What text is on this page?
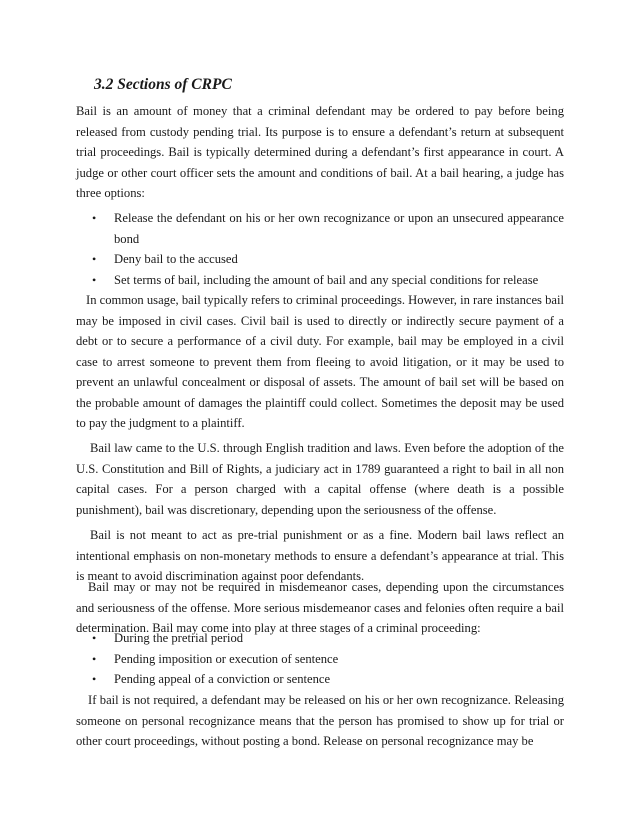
3.2 Sections of CRPC

Bail is an amount of money that a criminal defendant may be ordered to pay before being released from custody pending trial. Its purpose is to ensure a defendant’s return at subsequent trial proceedings. Bail is typically determined during a defendant’s first appearance in court. A judge or other court officer sets the amount and conditions of bail. At a bail hearing, a judge has three options:

• Release the defendant on his or her own recognizance or upon an unsecured appearance bond
• Deny bail to the accused
• Set terms of bail, including the amount of bail and any special conditions for release

In common usage, bail typically refers to criminal proceedings. However, in rare instances bail may be imposed in civil cases. Civil bail is used to directly or indirectly secure payment of a debt or to secure a performance of a civil duty. For example, bail may be employed in a civil case to arrest someone to prevent them from fleeing to avoid litigation, or it may be used to prevent an unlawful concealment or disposal of assets. The amount of bail set will be based on the probable amount of damages the plaintiff could collect. Sometimes the deposit may be used to pay the judgment to a plaintiff.

Bail law came to the U.S. through English tradition and laws. Even before the adoption of the U.S. Constitution and Bill of Rights, a judiciary act in 1789 guaranteed a right to bail in all non capital cases. For a person charged with a capital offense (where death is a possible punishment), bail was discretionary, depending upon the seriousness of the offense.

Bail is not meant to act as pre-trial punishment or as a fine. Modern bail laws reflect an intentional emphasis on non-monetary methods to ensure a defendant’s appearance at trial. This is meant to avoid discrimination against poor defendants.

Bail may or may not be required in misdemeanor cases, depending upon the circumstances and seriousness of the offense. More serious misdemeanor cases and felonies often require a bail determination. Bail may come into play at three stages of a criminal proceeding:

• During the pretrial period
• Pending imposition or execution of sentence
• Pending appeal of a conviction or sentence

If bail is not required, a defendant may be released on his or her own recognizance. Releasing someone on personal recognizance means that the person has promised to show up for trial or other court proceedings, without posting a bond. Release on personal recognizance may be
